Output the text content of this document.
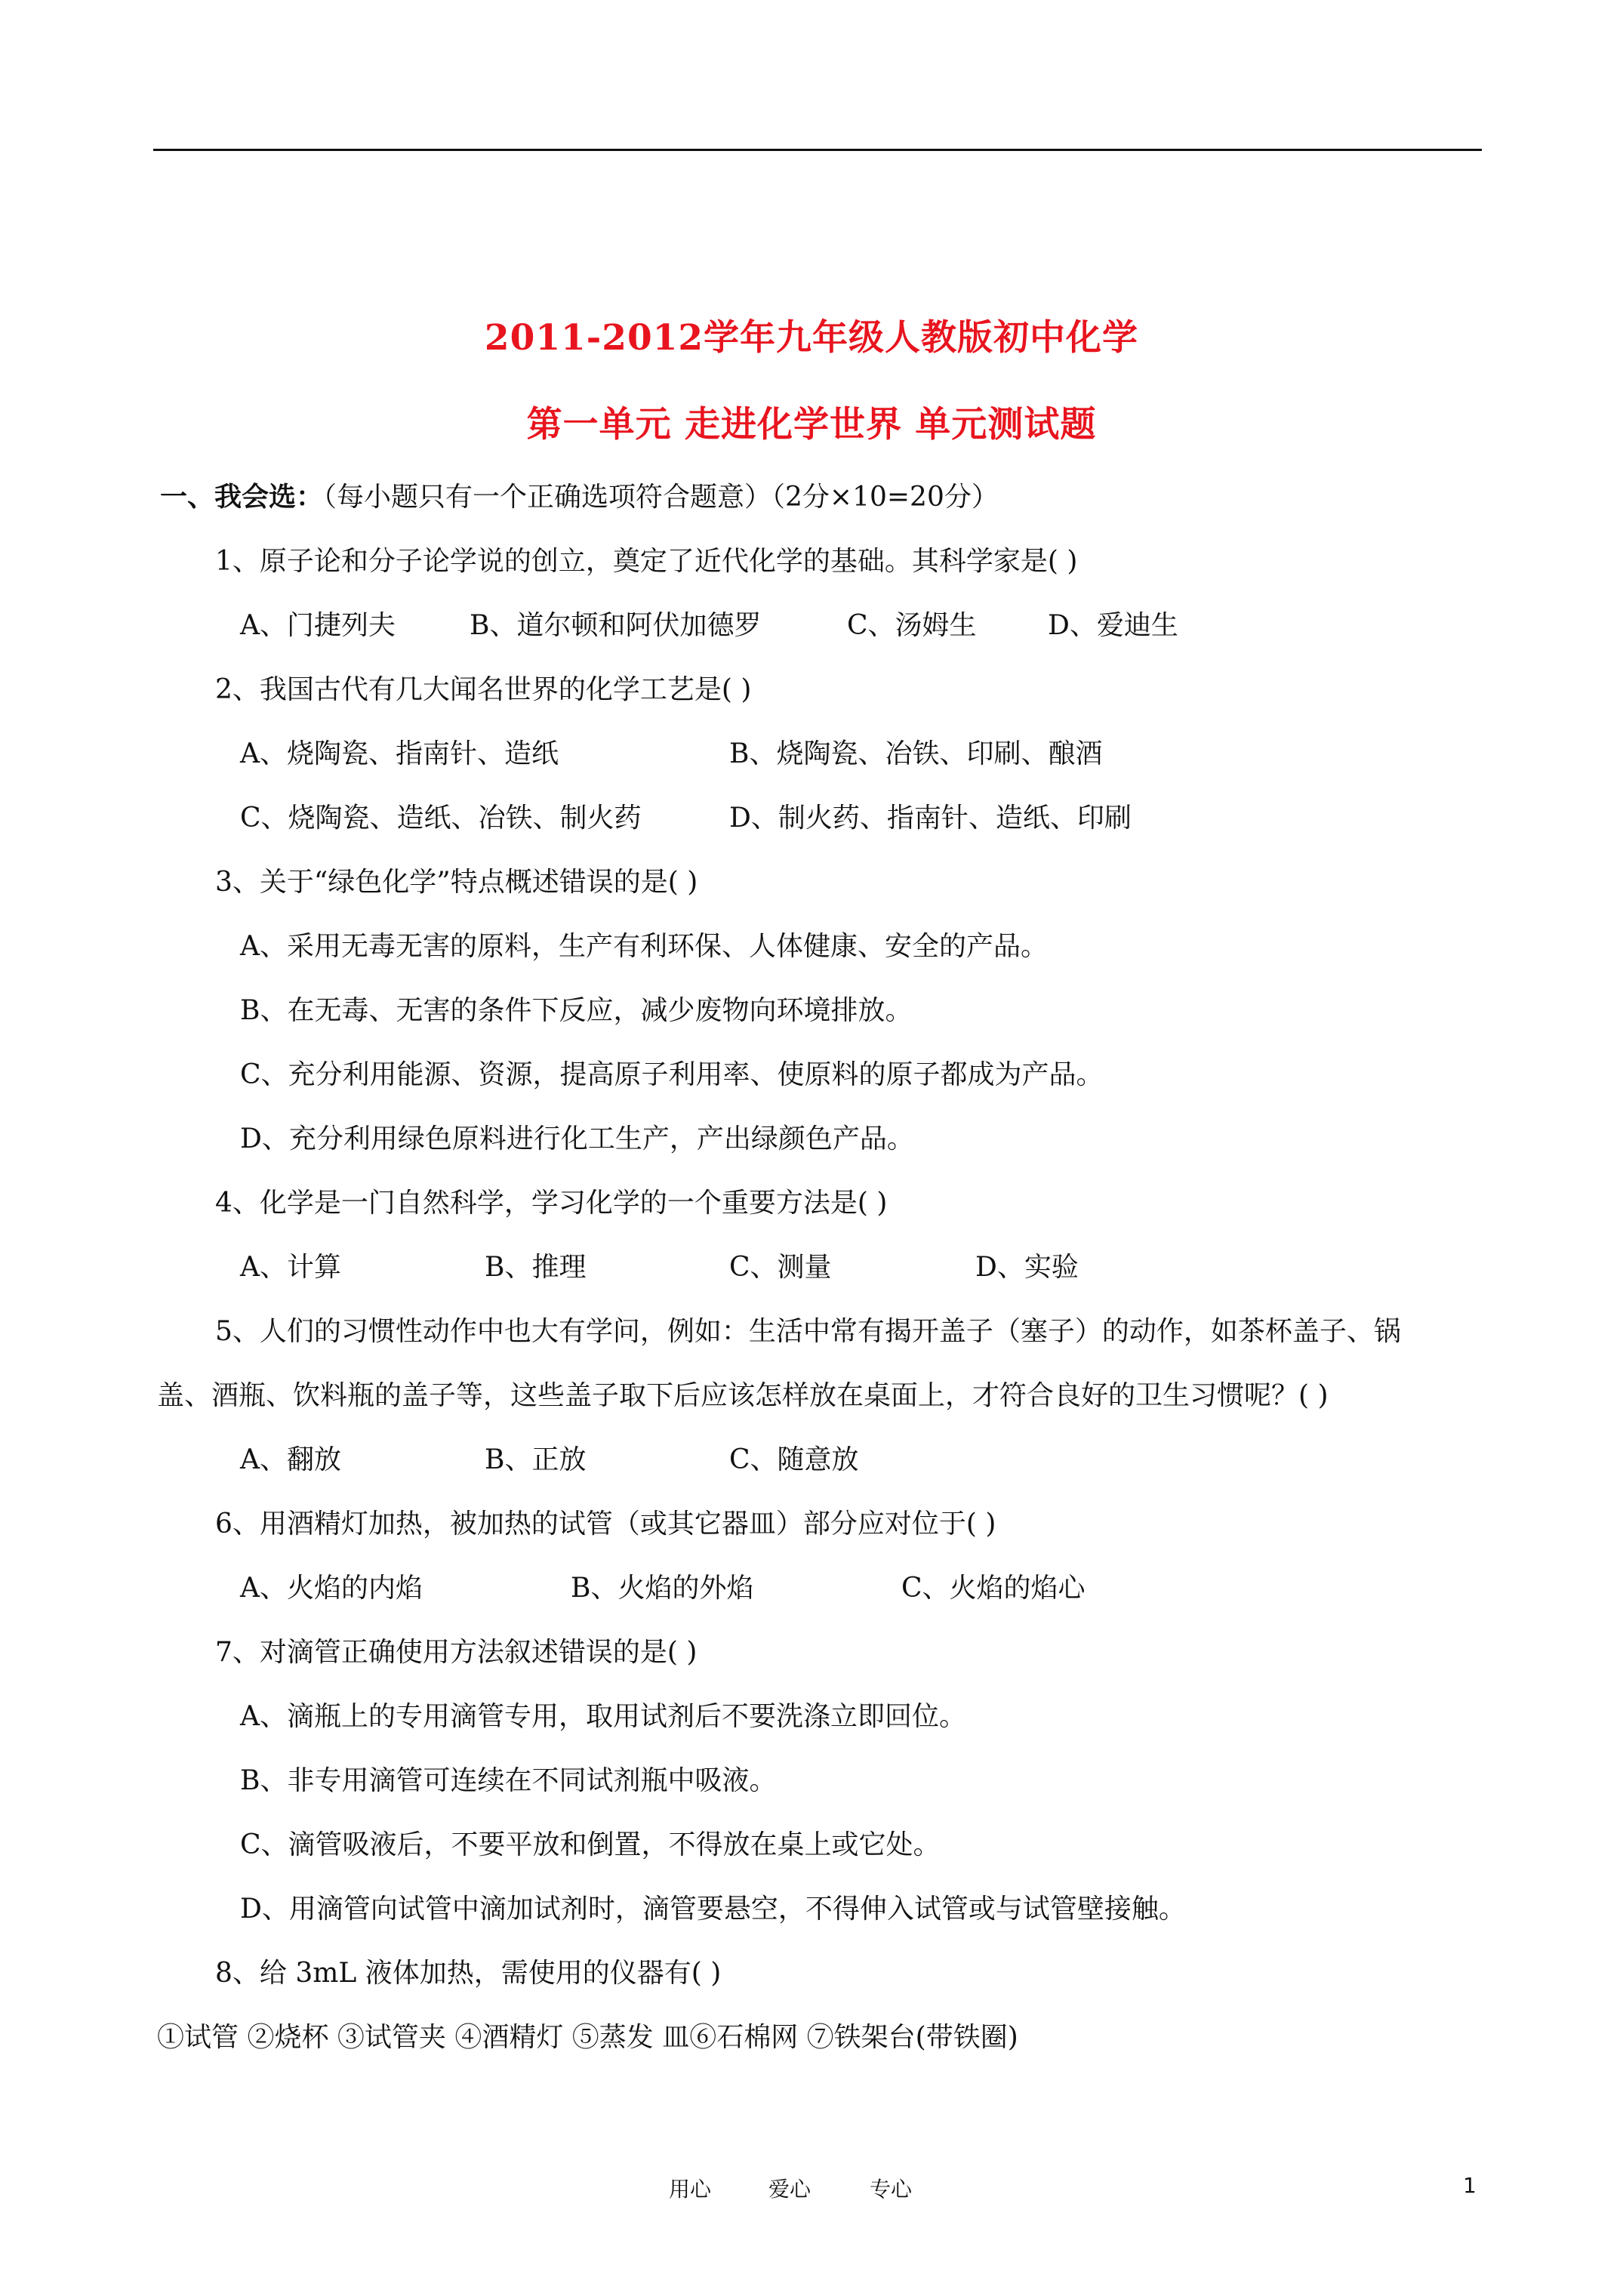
2011-2012学年九年级人教版初中化学
第一单元 走进化学世界 单元测试题
一、我会选：（每小题只有一个正确选项符合题意）（2分×10=20分）
1、原子论和分子论学说的创立，奠定了近代化学的基础。其科学家是( )
A、门捷列夫	B、道尔顿和阿伏加德罗	C、汤姆生	D、爱迪生
2、我国古代有几大闻名世界的化学工艺是( )
A、烧陶瓷、指南针、造纸	B、烧陶瓷、冶铁、印刷、酿酒
C、烧陶瓷、造纸、冶铁、制火药	D、制火药、指南针、造纸、印刷
3、关于“绿色化学”特点概述错误的是( )
A、采用无毒无害的原料，生产有利环保、人体健康、安全的产品。
B、在无毒、无害的条件下反应，减少废物向环境排放。
C、充分利用能源、资源，提高原子利用率、使原料的原子都成为产品。
D、充分利用绿色原料进行化工生产，产出绿颜色产品。
4、化学是一门自然科学，学习化学的一个重要方法是( )
A、计算	B、推理	C、测量	D、实验
5、人们的习惯性动作中也大有学问，例如：生活中常有揭开盖子（塞子）的动作，如茶杯盖子、锅
盖、酒瓶、饮料瓶的盖子等，这些盖子取下后应该怎样放在桌面上，才符合良好的卫生习惯呢？( )
A、翻放	B、正放	C、随意放
6、用酒精灯加热，被加热的试管（或其它器皿）部分应对位于( )
A、火焰的内焰	B、火焰的外焰	C、火焰的焰心
7、对滴管正确使用方法叙述错误的是( )
A、滴瓶上的专用滴管专用，取用试剂后不要洗涤立即回位。
B、非专用滴管可连续在不同试剂瓶中吸液。
C、滴管吸液后，不要平放和倒置，不得放在桌上或它处。
D、用滴管向试管中滴加试剂时，滴管要悬空，不得伸入试管或与试管壁接触。
8、给 3mL 液体加热，需使用的仪器有( )
①试管 ②烧杯 ③试管夹 ④酒精灯 ⑤蒸发 皿⑥石棉网 ⑦铁架台(带铁圈)
用心	爱心	专心	1
